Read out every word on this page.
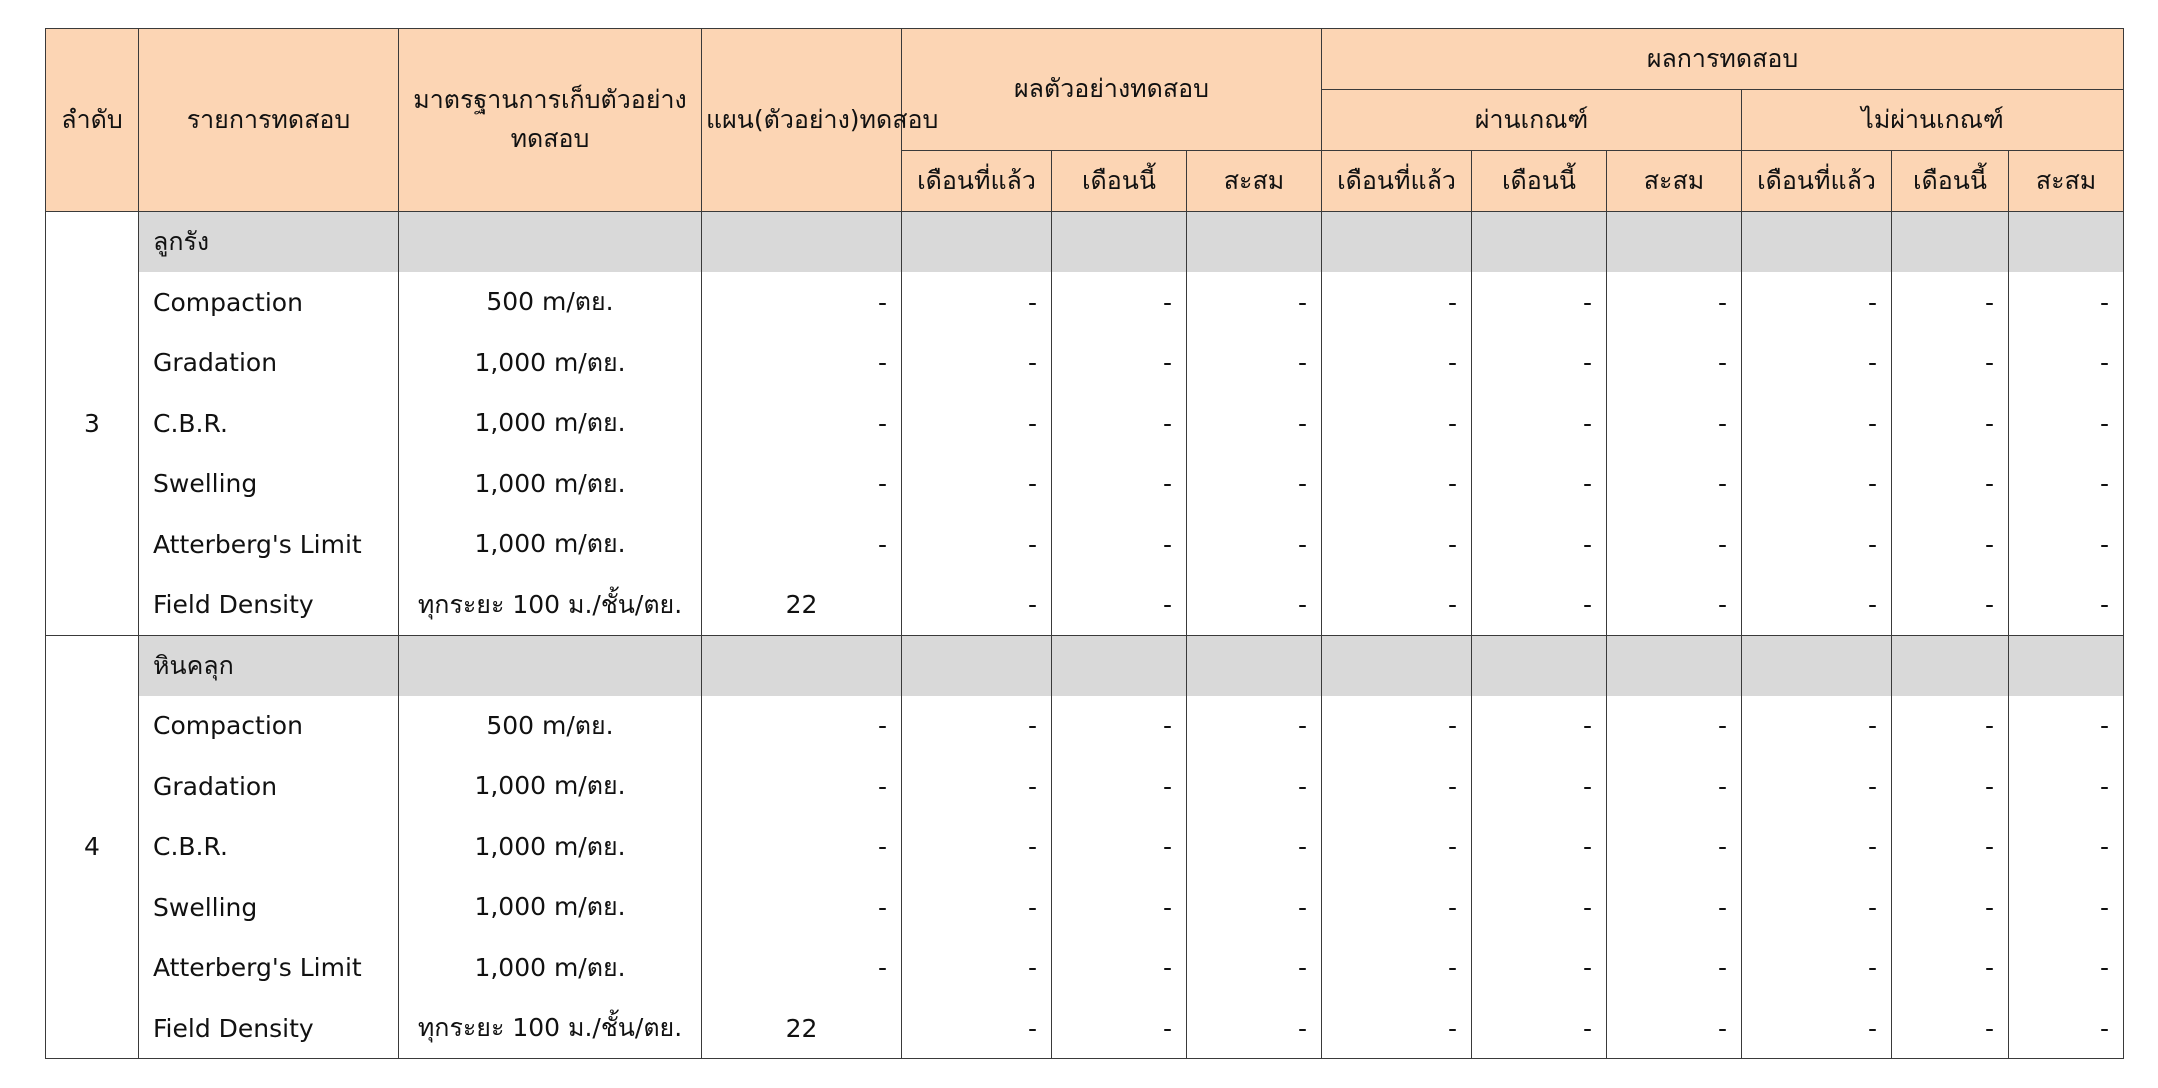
ลำดับ	รายการทดสอบ	มาตรฐานการเก็บตัวอย่างทดสอบ	แผน(ตัวอย่าง)ทดสอบ	ผลตัวอย่างทดสอบ			ผลการทดสอบ					
							ผ่านเกณฑ์			ไม่ผ่านเกณฑ์		
				เดือนที่แล้ว	เดือนนี้	สะสม	เดือนที่แล้ว	เดือนนี้	สะสม	เดือนที่แล้ว	เดือนนี้	สะสม
3	ลูกรัง											
	Compaction	500 m/ตย.	-	-	-	-	-	-	-	-	-	-
	Gradation	1,000 m/ตย.	-	-	-	-	-	-	-	-	-	-
	C.B.R.	1,000 m/ตย.	-	-	-	-	-	-	-	-	-	-
	Swelling	1,000 m/ตย.	-	-	-	-	-	-	-	-	-	-
	Atterberg's Limit	1,000 m/ตย.	-	-	-	-	-	-	-	-	-	-
	Field Density	ทุกระยะ 100 ม./ชั้น/ตย.	22	-	-	-	-	-	-	-	-	-
4	หินคลุก											
	Compaction	500 m/ตย.	-	-	-	-	-	-	-	-	-	-
	Gradation	1,000 m/ตย.	-	-	-	-	-	-	-	-	-	-
	C.B.R.	1,000 m/ตย.	-	-	-	-	-	-	-	-	-	-
	Swelling	1,000 m/ตย.	-	-	-	-	-	-	-	-	-	-
	Atterberg's Limit	1,000 m/ตย.	-	-	-	-	-	-	-	-	-	-
	Field Density	ทุกระยะ 100 ม./ชั้น/ตย.	22	-	-	-	-	-	-	-	-	-
